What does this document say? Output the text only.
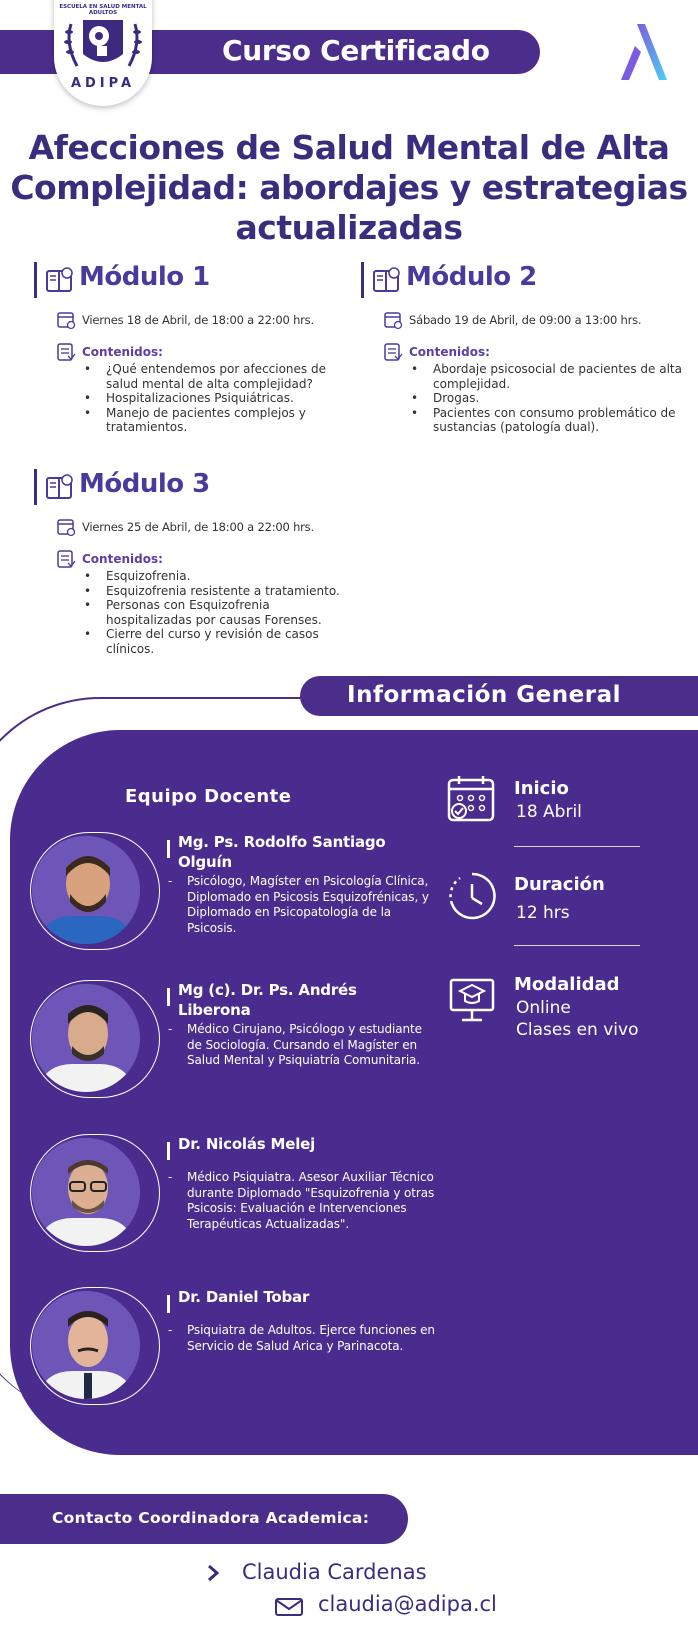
Curso Certificado
ESCUELA EN SALUD MENTAL ADULTOS
ADIPA
Afecciones de Salud Mental de Alta Complejidad: abordajes y estrategias actualizadas
Módulo 1
Viernes 18 de Abril, de 18:00 a 22:00 hrs.
Contenidos:
• ¿Qué entendemos por afecciones de salud mental de alta complejidad?
• Hospitalizaciones Psiquiátricas.
• Manejo de pacientes complejos y tratamientos.
Módulo 2
Sábado 19 de Abril, de 09:00 a 13:00 hrs.
Contenidos:
• Abordaje psicosocial de pacientes de alta complejidad.
• Drogas.
• Pacientes con consumo problemático de sustancias (patología dual).
Módulo 3
Viernes 25 de Abril, de 18:00 a 22:00 hrs.
Contenidos:
• Esquizofrenia.
• Esquizofrenia resistente a tratamiento.
• Personas con Esquizofrenia hospitalizadas por causas Forenses.
• Cierre del curso y revisión de casos clínicos.
Información General
Equipo Docente
Mg. Ps. Rodolfo Santiago Olguín
- Psicólogo, Magíster en Psicología Clínica, Diplomado en Psicosis Esquizofrénicas, y Diplomado en Psicopatología de la Psicosis.
Mg (c). Dr. Ps. Andrés Liberona
- Médico Cirujano, Psicólogo y estudiante de Sociología. Cursando el Magíster en Salud Mental y Psiquiatría Comunitaria.
Dr. Nicolás Melej
- Médico Psiquiatra. Asesor Auxiliar Técnico durante Diplomado "Esquizofrenia y otras Psicosis: Evaluación e Intervenciones Terapéuticas Actualizadas".
Dr. Daniel Tobar
- Psiquiatra de Adultos. Ejerce funciones en Servicio de Salud Arica y Parinacota.
Inicio
18 Abril
Duración
12 hrs
Modalidad
Online
Clases en vivo
Contacto Coordinadora Academica:
Claudia Cardenas
claudia@adipa.cl
